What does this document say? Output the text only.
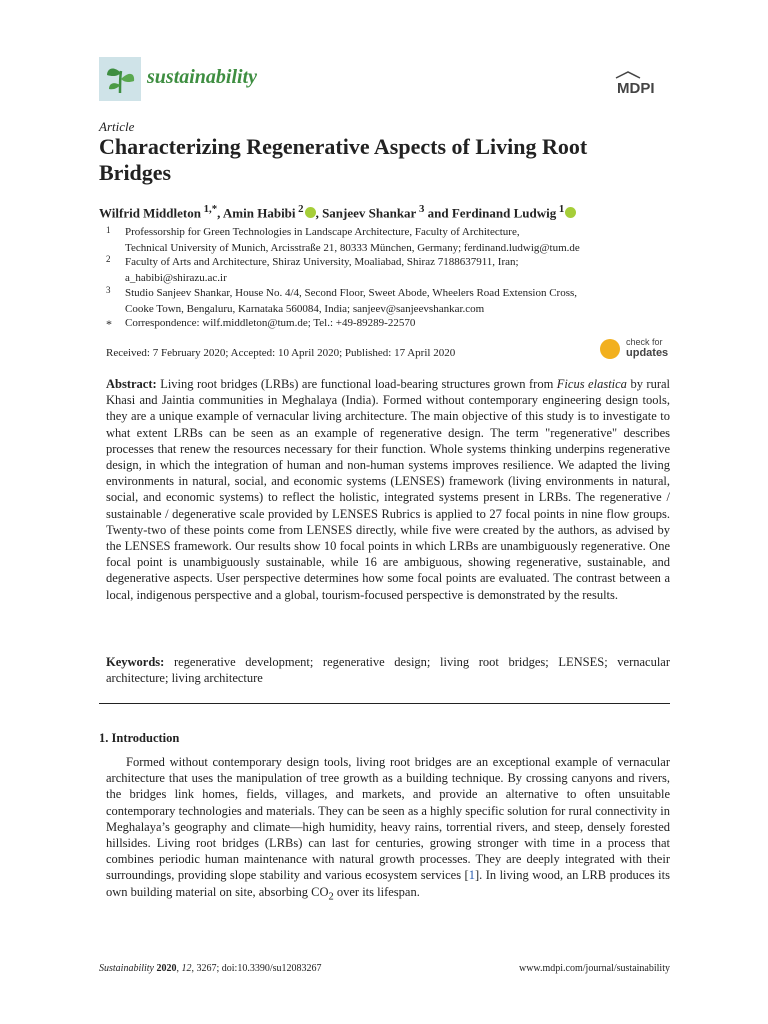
sustainability
MDPI
Article
Characterizing Regenerative Aspects of Living Root Bridges
Wilfrid Middleton  $^{1,*}$, Amin Habibi  $^2$ , Sanjeev Shankar  $^3$ and Ferdinand Ludwig  $^1$
1 Professorship for Green Technologies in Landscape Architecture, Faculty of Architecture,
Technical University of Munich, Arcisstraße 21, 80333 München, Germany; ferdinand.ludwig@tum.de
2 Faculty of Arts and Architecture, Shiraz University, Moaliabad, Shiraz 7188637911, Iran;
a_habibi@shirazu.ac.ir
3 Studio Sanjeev Shankar, House No. 4/4, Second Floor, Sweet Abode, Wheelers Road Extension Cross,
Cooke Town, Bengaluru, Karnataka 560084, India; sanjeev@sanjeevshankar.com
* Correspondence: wilf.middleton@tum.de; Tel.: +49-89289-22570
Received: 7 February 2020; Accepted: 10 April 2020; Published: 17 April 2020
check for
updates
Abstract: Living root bridges (LRBs) are functional load-bearing structures grown from Ficus elastica by rural Khasi and Jaintia communities in Meghalaya (India). Formed without contemporary engineering design tools, they are a unique example of vernacular living architecture. The main objective of this study is to investigate to what extent LRBs can be seen as an example of regenerative design. The term "regenerative" describes processes that renew the resources necessary for their function. Whole systems thinking underpins regenerative design, in which the integration of human and non-human systems improves resilience. We adapted the living environments in natural, social, and economic systems (LENSES) framework (living environments in natural, social, and economic systems) to reflect the holistic, integrated systems present in LRBs. The regenerative / sustainable / degenerative scale provided by LENSES Rubrics is applied to 27 focal points in nine flow groups. Twenty-two of these points come from LENSES directly, while five were created by the authors, as advised by the LENSES framework. Our results show 10 focal points in which LRBs are unambiguously regenerative. One focal point is unambiguously sustainable, while 16 are ambiguous, showing regenerative, sustainable, and degenerative aspects. User perspective determines how some focal points are evaluated. The contrast between a local, indigenous perspective and a global, tourism-focused perspective is demonstrated by the results.
Keywords: regenerative development; regenerative design; living root bridges; LENSES; vernacular architecture; living architecture
1. Introduction
Formed without contemporary design tools, living root bridges are an exceptional example of vernacular architecture that uses the manipulation of tree growth as a building technique. By crossing canyons and rivers, the bridges link homes, fields, villages, and markets, and provide an alternative to often unsuitable contemporary technologies and materials. They can be seen as a highly specific solution for rural connectivity in Meghalaya’s geography and climate—high humidity, heavy rains, torrential rivers, and steep, densely forested hillsides. Living root bridges (LRBs) can last for centuries, growing stronger with time in a process that combines periodic human maintenance with natural growth processes. They are deeply integrated with their surroundings, providing slope stability and various ecosystem services [1]. In living wood, an LRB produces its own building material on site, absorbing $CO_2$ over its lifespan.
Sustainability 2020, 12, 3267; doi:10.3390/su12083267	www.mdpi.com/journal/sustainability
